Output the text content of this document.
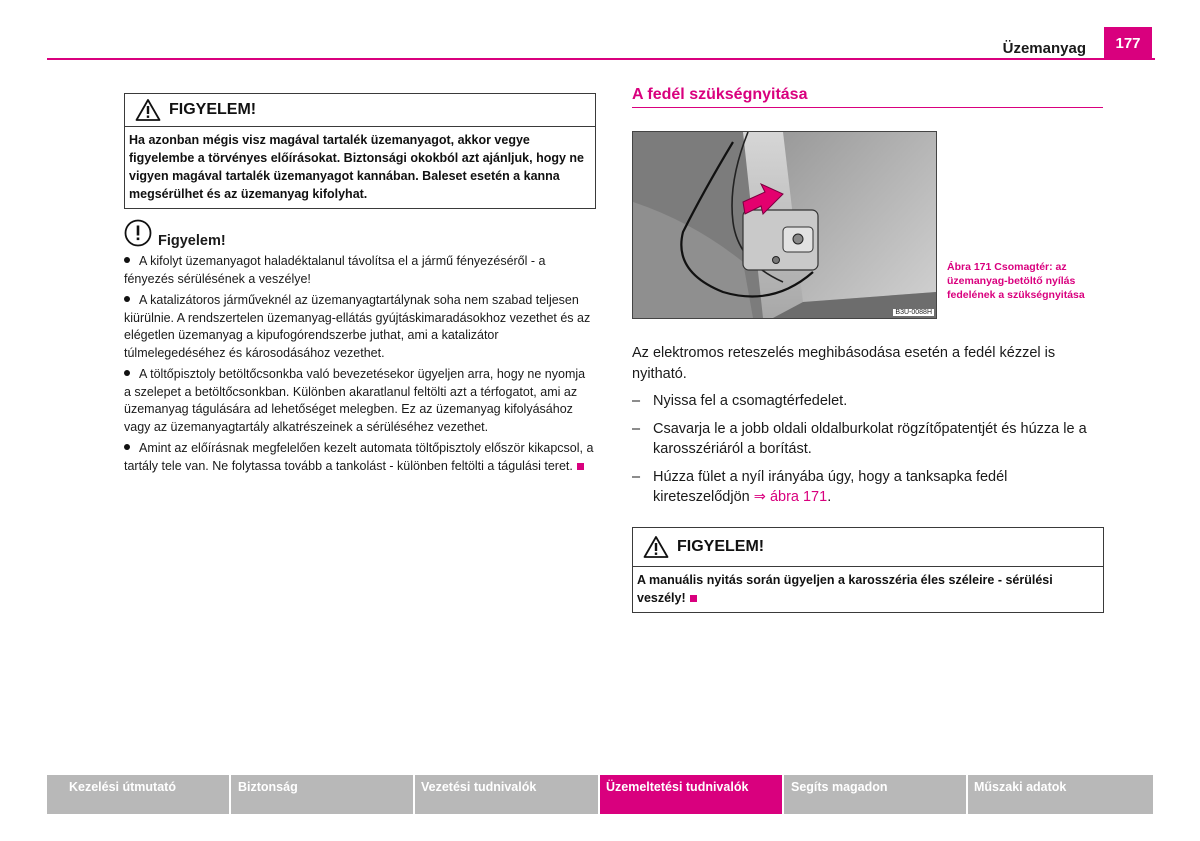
Üzemanyag	177
FIGYELEM!
Ha azonban mégis visz magával tartalék üzemanyagot, akkor vegye figyelembe a törvényes előírásokat. Biztonsági okokból azt ajánljuk, hogy ne vigyen magával tartalék üzemanyagot kannában. Baleset esetén a kanna megsérülhet és az üzemanyag kifolyhat.
Figyelem!
A kifolyt üzemanyagot haladéktalanul távolítsa el a jármű fényezéséről - a fényezés sérülésének a veszélye!
A katalizátoros járműveknél az üzemanyagtartálynak soha nem szabad teljesen kiürülnie. A rendszertelen üzemanyag-ellátás gyújtáskimaradásokhoz vezethet és az elégetlen üzemanyag a kipufogórendszerbe juthat, ami a katalizátor túlmelegedéséhez és károsodásához vezethet.
A töltőpisztoly betöltőcsonkba való bevezetésekor ügyeljen arra, hogy ne nyomja a szelepet a betöltőcsonkban. Különben akaratlanul feltölti azt a térfogatot, ami az üzemanyag tágulására ad lehetőséget melegben. Ez az üzemanyag kifolyásához vagy az üzemanyagtartály alkatrészeinek a sérüléséhez vezethet.
Amint az előírásnak megfelelően kezelt automata töltőpisztoly először kikapcsol, a tartály tele van. Ne folytassa tovább a tankolást - különben feltölti a tágulási teret.
A fedél szükségnyitása
B3U-0088H
Ábra 171 Csomagtér: az üzemanyag-betöltő nyílás fedelének a szükségnyitása
Az elektromos reteszelés meghibásodása esetén a fedél kézzel is nyitható.
– Nyissa fel a csomagtérfedelet.
– Csavarja le a jobb oldali oldalburkolat rögzítőpatentjét és húzza le a karosszériáról a borítást.
– Húzza fület a nyíl irányába úgy, hogy a tanksapka fedél kireteszelődjön ⇒ ábra 171.
FIGYELEM!
A manuális nyitás során ügyeljen a karosszéria éles széleire - sérülési veszély!
Kezelési útmutató	Biztonság	Vezetési tudnivalók	Üzemeltetési tudnivalók	Segíts magadon	Műszaki adatok
